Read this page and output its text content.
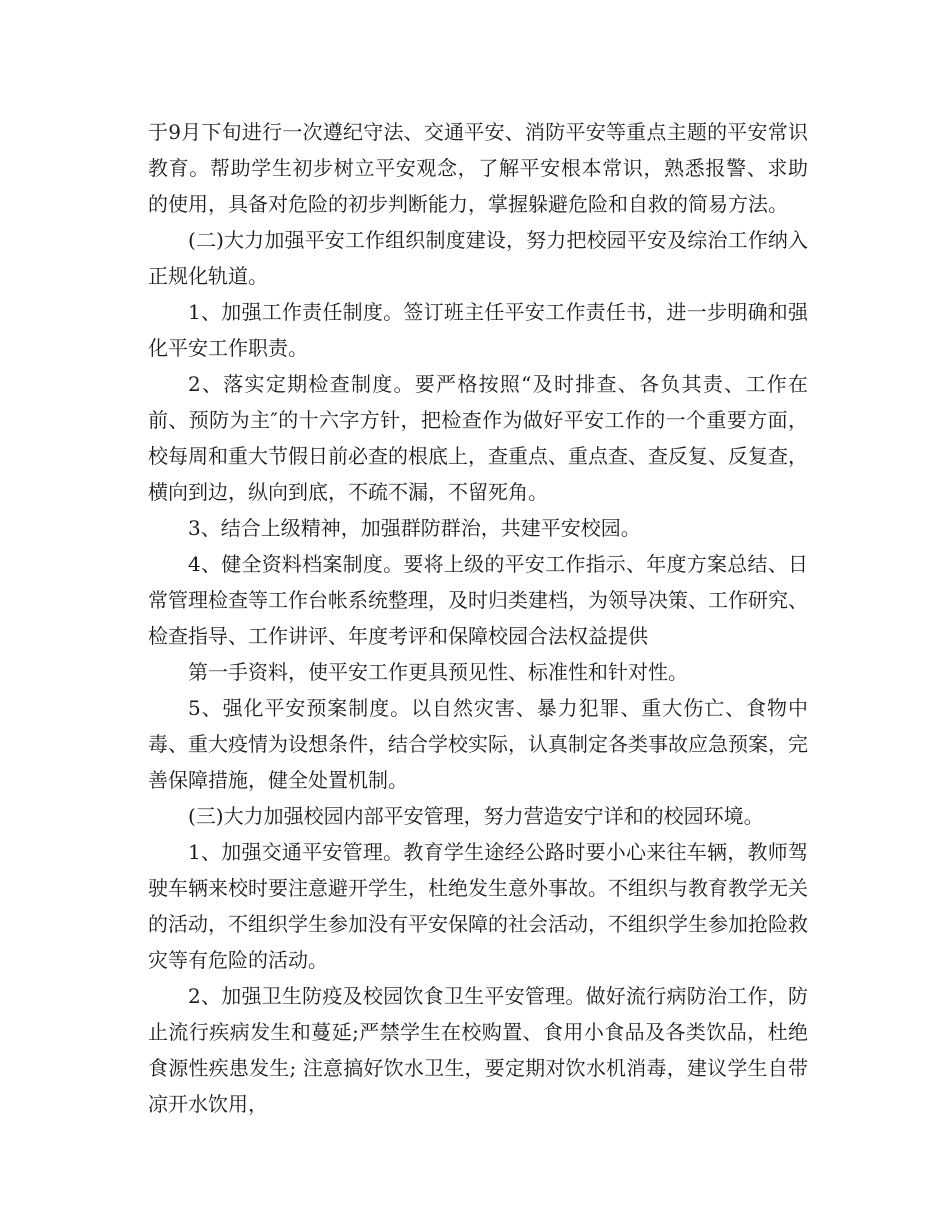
于9月下旬进行一次遵纪守法、交通平安、消防平安等重点主题的平安常识教育。帮助学生初步树立平安观念，了解平安根本常识，熟悉报警、求助 的使用，具备对危险的初步判断能力，掌握躲避危险和自救的简易方法。

(二)大力加强平安工作组织制度建设，努力把校园平安及综治工作纳入正规化轨道。

1、加强工作责任制度。签订班主任平安工作责任书，进一步明确和强化平安工作职责。

2、落实定期检查制度。要严格按照“及时排查、各负其责、工作在前、预防为主″的十六字方针，把检查作为做好平安工作的一个重要方面，校每周和重大节假日前必查的根底上，查重点、重点查、查反复、反复查，横向到边，纵向到底，不疏不漏，不留死角。

3、结合上级精神，加强群防群治，共建平安校园。

4、健全资料档案制度。要将上级的平安工作指示、年度方案总结、日常管理检查等工作台帐系统整理，及时归类建档，为领导决策、工作研究、检查指导、工作讲评、年度考评和保障校园合法权益提供

第一手资料，使平安工作更具预见性、标准性和针对性。

5、强化平安预案制度。以自然灾害、暴力犯罪、重大伤亡、食物中毒、重大疫情为设想条件，结合学校实际，认真制定各类事故应急预案，完善保障措施，健全处置机制。

(三)大力加强校园内部平安管理，努力营造安宁详和的校园环境。

1、加强交通平安管理。教育学生途经公路时要小心来往车辆，教师驾驶车辆来校时要注意避开学生，杜绝发生意外事故。不组织与教育教学无关的活动，不组织学生参加没有平安保障的社会活动，不组织学生参加抢险救灾等有危险的活动。

2、加强卫生防疫及校园饮食卫生平安管理。做好流行病防治工作，防止流行疾病发生和蔓延;严禁学生在校购置、食用小食品及各类饮品，杜绝食源性疾患发生; 注意搞好饮水卫生，要定期对饮水机消毒，建议学生自带凉开水饮用，
